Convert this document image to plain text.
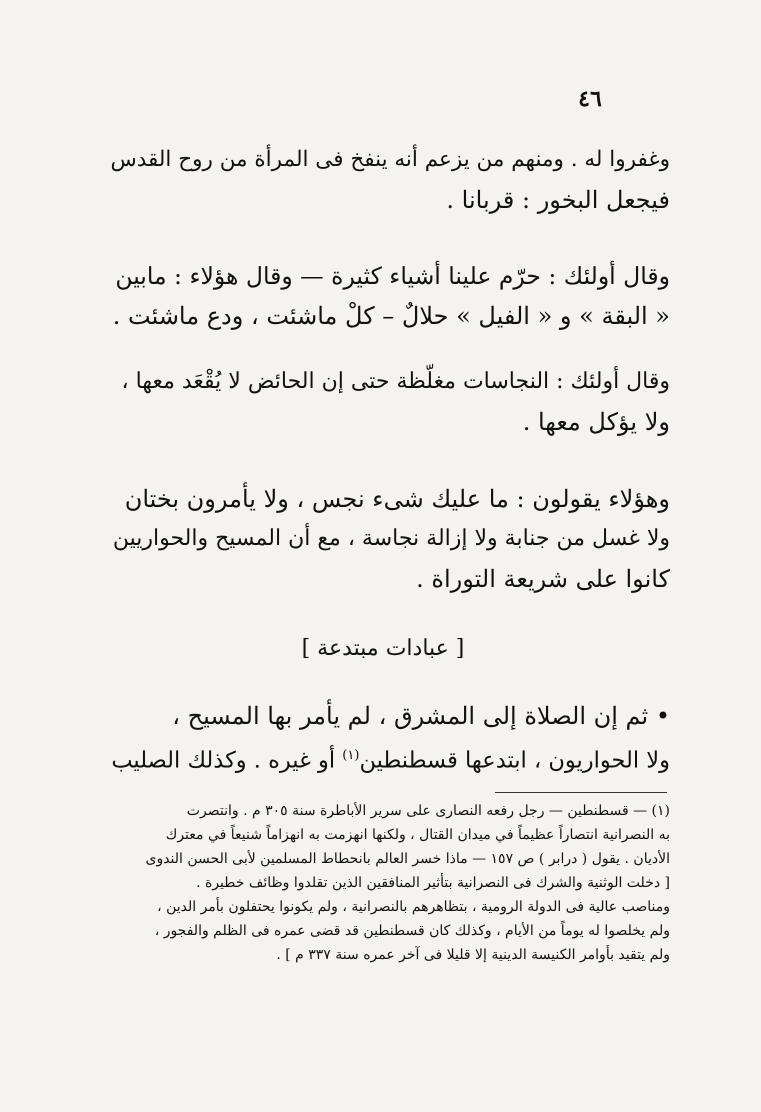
٤٦
وغفروا له . ومنهم من يزعم أنه ينفخ فى المرأة من روح القدس
فيجعل البخور : قربانا .
وقال أولئك : حرّم علينا أشياء كثيرة — وقال هؤلاء : مابين
« البقة » و « الفيل » حلالٌ – كلْ ماشئت ، ودع ماشئت .
وقال أولئك : النجاسات مغلّظة حتى إن الحائض لا يُقْعَد معها ،
ولا يؤكل معها .
وهؤلاء يقولون : ما عليك شىء نجس ، ولا يأمرون بختان
ولا غسل من جنابة ولا إزالة نجاسة ، مع أن المسيح والحواريين
كانوا على شريعة التوراة .
[ عبادات مبتدعة ]
• ثم إن الصلاة إلى المشرق ، لم يأمر بها المسيح ،
ولا الحواريون ، ابتدعها قسطنطين$^{(١)}$ أو غيره . وكذلك الصليب
(١) — قسطنطين — رجل رفعه النصارى على سرير الأباطرة سنة ٣٠٥ م . وانتصرت
به النصرانية انتصاراً عظيماً في ميدان القتال ، ولكنها انهزمت به انهزاماً شنيعاً في معترك
الأديان . يقول ( درابر ) ص ١٥٧ — ماذا خسر العالم بانحطاط المسلمين لأبى الحسن الندوى
[ دخلت الوثنية والشرك فى النصرانية بتأثير المنافقين الذين تقلدوا وظائف خطيرة .
ومناصب عالية فى الدولة الرومية ، بتظاهرهم بالنصرانية ، ولم يكونوا يحتفلون بأمر الدين ،
ولم يخلصوا له يوماً من الأيام ، وكذلك كان قسطنطين قد قضى عمره فى الظلم والفجور ،
ولم يتقيد بأوامر الكنيسة الدينية إلا قليلا فى آخر عمره سنة ٣٣٧ م ] .
